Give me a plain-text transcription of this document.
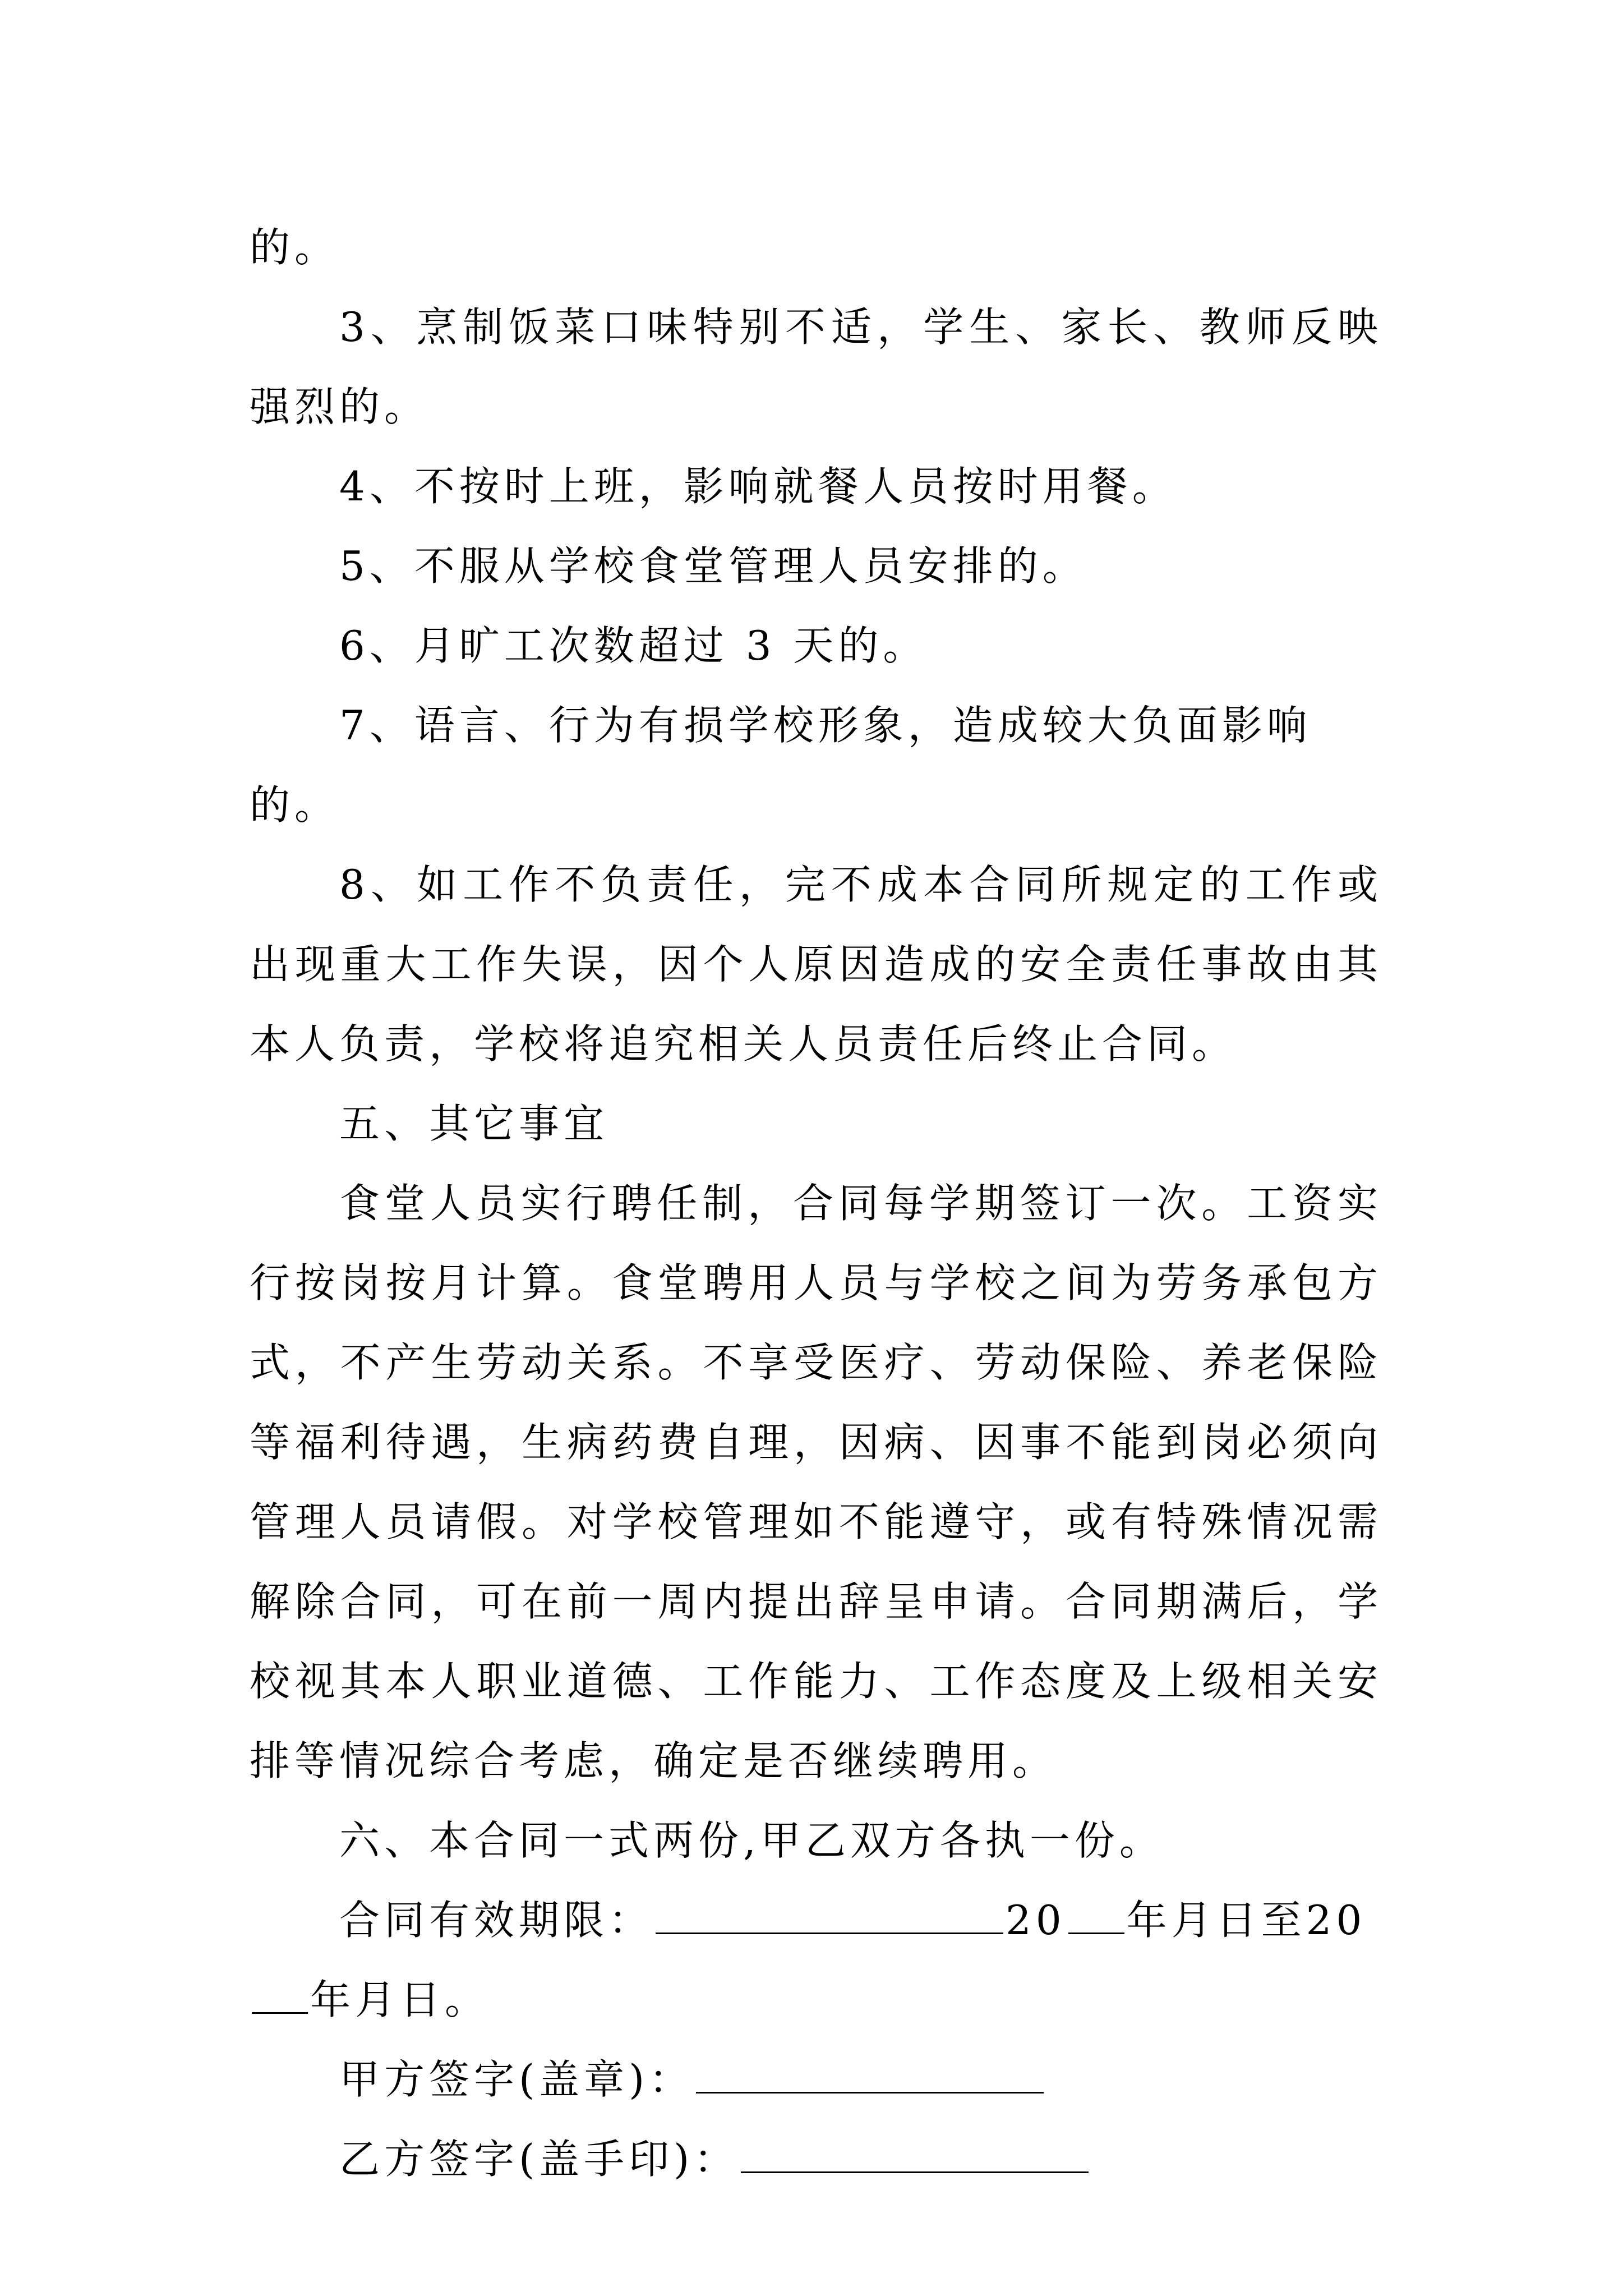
的。

3、烹制饭菜口味特别不适，学生、家长、教师反映强烈的。

4、不按时上班，影响就餐人员按时用餐。

5、不服从学校食堂管理人员安排的。

6、月旷工次数超过 3 天的。

7、语言、行为有损学校形象，造成较大负面影响的。

8、如工作不负责任，完不成本合同所规定的工作或出现重大工作失误，因个人原因造成的安全责任事故由其本人负责，学校将追究相关人员责任后终止合同。

五、其它事宜

食堂人员实行聘任制，合同每学期签订一次。工资实行按岗按月计算。食堂聘用人员与学校之间为劳务承包方式，不产生劳动关系。不享受医疗、劳动保险、养老保险等福利待遇，生病药费自理，因病、因事不能到岗必须向管理人员请假。对学校管理如不能遵守，或有特殊情况需解除合同，可在前一周内提出辞呈申请。合同期满后，学校视其本人职业道德、工作能力、工作态度及上级相关安排等情况综合考虑，确定是否继续聘用。

六、本合同一式两份,甲乙双方各执一份。

合同有效期限：	20 年月日至20年月日。

甲方签字(盖章)：

乙方签字(盖手印)：
